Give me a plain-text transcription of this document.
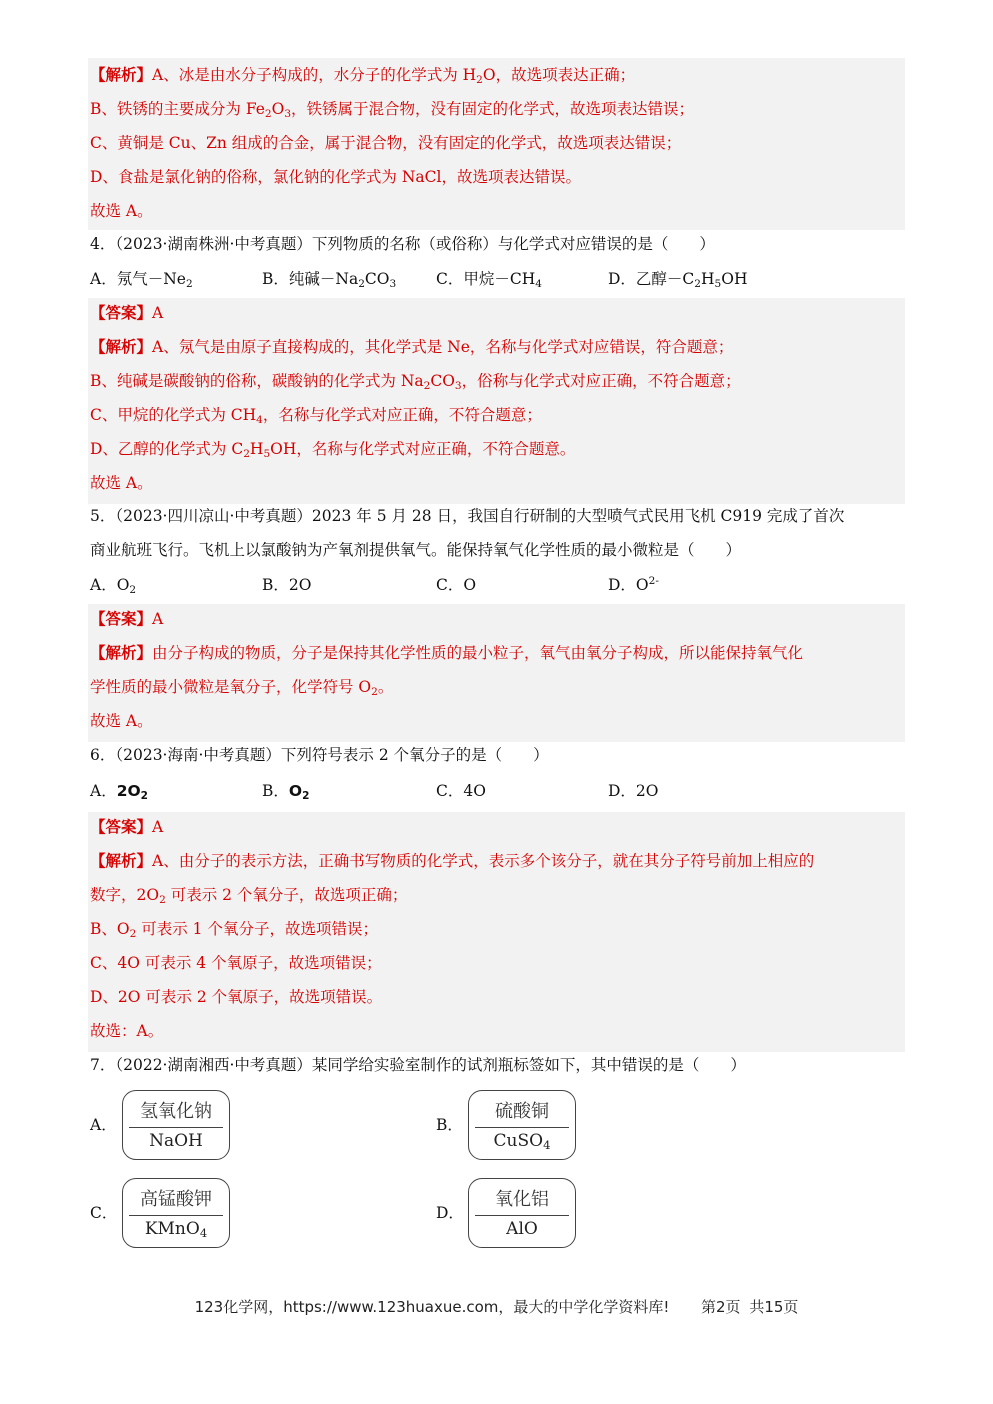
【解析】A、冰是由水分子构成的，水分子的化学式为 $H_2O$，故选项表达正确；
B、铁锈的主要成分为 $Fe_2O_3$，铁锈属于混合物，没有固定的化学式，故选项表达错误；
C、黄铜是 Cu、Zn 组成的合金，属于混合物，没有固定的化学式，故选项表达错误；
D、食盐是氯化钠的俗称，氯化钠的化学式为 NaCl，故选项表达错误。
故选 A。
4．（2023·湖南株洲·中考真题）下列物质的名称（或俗称）与化学式对应错误的是（　　）
A．氖气$-Ne_2$	B．纯碱$-Na_2CO_3$	C．甲烷$-CH_4$	D．乙醇$-C_2H_5OH$
【答案】A
【解析】A、氖气是由原子直接构成的，其化学式是 Ne，名称与化学式对应错误，符合题意；
B、纯碱是碳酸钠的俗称，碳酸钠的化学式为 $Na_2CO_3$，俗称与化学式对应正确，不符合题意；
C、甲烷的化学式为 $CH_4$，名称与化学式对应正确，不符合题意；
D、乙醇的化学式为 $C_2H_5OH$，名称与化学式对应正确，不符合题意。
故选 A。
5．（2023·四川凉山·中考真题）2023 年 5 月 28 日，我国自行研制的大型喷气式民用飞机 C919 完成了首次
商业航班飞行。飞机上以氯酸钠为产氧剂提供氧气。能保持氧气化学性质的最小微粒是（　　）
A．$O_2$	B．2O	C．O	D．$O^{2-}$
【答案】A
【解析】由分子构成的物质，分子是保持其化学性质的最小粒子，氧气由氧分子构成，所以能保持氧气化
学性质的最小微粒是氧分子，化学符号 $O_2$。
故选 A。
6．（2023·海南·中考真题）下列符号表示 2 个氧分子的是（　　）
A．$2O_2$	B．$O_2$	C．4O	D．2O
【答案】A
【解析】A、由分子的表示方法，正确书写物质的化学式，表示多个该分子，就在其分子符号前加上相应的
数字，$2O_2$ 可表示 2 个氧分子，故选项正确；
B、$O_2$ 可表示 1 个氧分子，故选项错误；
C、4O 可表示 4 个氧原子，故选项错误；
D、2O 可表示 2 个氧原子，故选项错误。
故选：A。
7．（2022·湖南湘西·中考真题）某同学给实验室制作的试剂瓶标签如下，其中错误的是（　　）
A．
氢氧化钠
NaOH
B．
硫酸铜
CuSO$_4$
C．
高锰酸钾
KMnO$_4$
D．
氧化铝
AlO
123化学网，https://www.123huaxue.com，最大的中学化学资料库! 第2页 共15页
